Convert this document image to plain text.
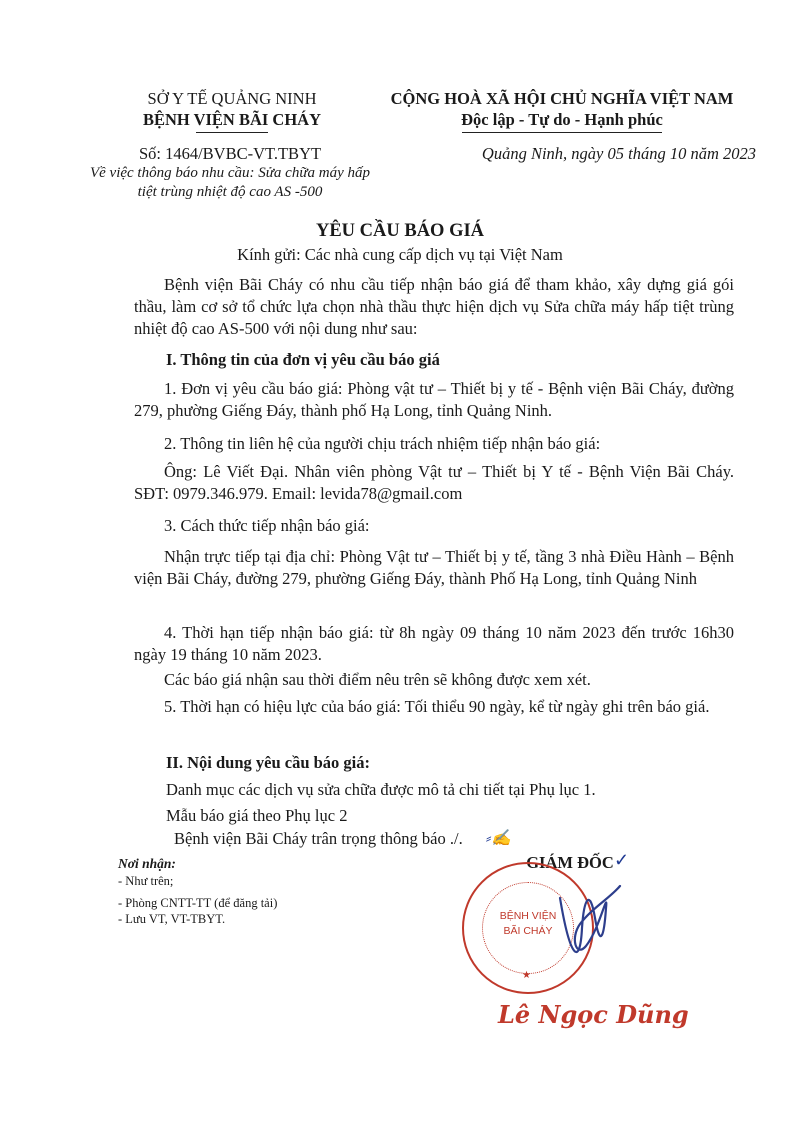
SỞ Y TẾ QUẢNG NINH
BỆNH VIỆN BÃI CHÁY
CỘNG HOÀ XÃ HỘI CHỦ NGHĨA VIỆT NAM
Độc lập - Tự do - Hạnh phúc
Số: 1464/BVBC-VT.TBYT
Về việc thông báo nhu cầu: Sửa chữa máy hấp
tiệt trùng nhiệt độ cao AS -500
Quảng Ninh, ngày 05 tháng 10 năm 2023
YÊU CẦU BÁO GIÁ
Kính gửi: Các nhà cung cấp dịch vụ tại Việt Nam
Bệnh viện Bãi Cháy có nhu cầu tiếp nhận báo giá để tham khảo, xây dựng giá gói thầu, làm cơ sở tổ chức lựa chọn nhà thầu thực hiện dịch vụ Sửa chữa máy hấp tiệt trùng nhiệt độ cao AS-500 với nội dung như sau:
I. Thông tin của đơn vị yêu cầu báo giá
1. Đơn vị yêu cầu báo giá: Phòng vật tư – Thiết bị y tế - Bệnh viện Bãi Cháy, đường 279, phường Giếng Đáy, thành phố Hạ Long, tỉnh Quảng Ninh.
2. Thông tin liên hệ của người chịu trách nhiệm tiếp nhận báo giá:
Ông: Lê Viết Đại. Nhân viên phòng Vật tư – Thiết bị Y tế - Bệnh Viện Bãi Cháy. SĐT: 0979.346.979. Email: levida78@gmail.com
3. Cách thức tiếp nhận báo giá:
Nhận trực tiếp tại địa chỉ: Phòng Vật tư – Thiết bị y tế, tầng 3 nhà Điều Hành – Bệnh viện Bãi Cháy, đường 279, phường Giếng Đáy, thành Phố Hạ Long, tỉnh Quảng Ninh
4. Thời hạn tiếp nhận báo giá: từ 8h ngày 09 tháng 10 năm 2023 đến trước 16h30 ngày 19 tháng 10 năm 2023.
Các báo giá nhận sau thời điểm nêu trên sẽ không được xem xét.
5. Thời hạn có hiệu lực của báo giá: Tối thiểu 90 ngày, kể từ ngày ghi trên báo giá.
II. Nội dung yêu cầu báo giá:
Danh mục các dịch vụ sửa chữa được mô tả chi tiết tại Phụ lục 1.
Mẫu báo giá theo Phụ lục 2
Bệnh viện Bãi Cháy trân trọng thông báo ./.	⸗✍
Nơi nhận:
- Như trên;
- Phòng CNTT-TT (để đăng tải)
- Lưu VT, VT-TBYT.
GIÁM ĐỐC ✓
BỆNH VIỆN
BÃI CHÁY
★
Lê Ngọc Dũng
